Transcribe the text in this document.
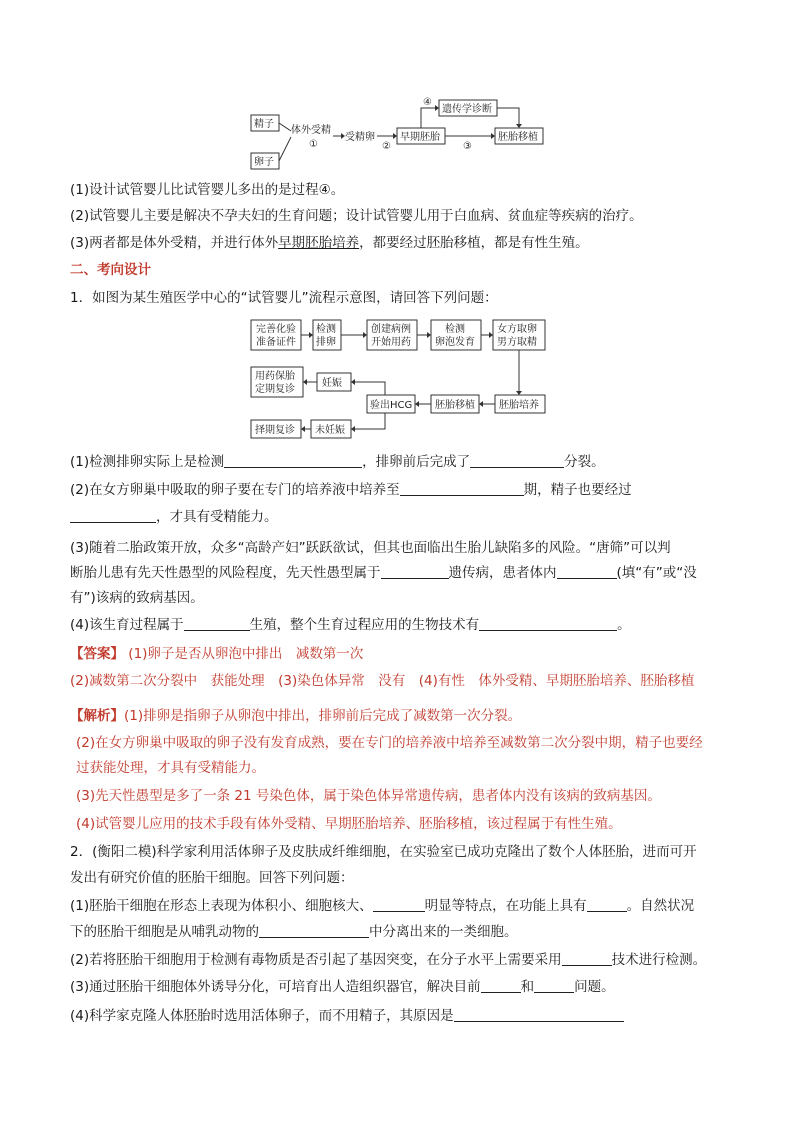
精子
卵子
体外受精
①
受精卵
②
早期胚胎
③
胚胎移植
④
遗传学诊断
(1)设计试管婴儿比试管婴儿多出的是过程④。
(2)试管婴儿主要是解决不孕夫妇的生育问题；设计试管婴儿用于白血病、贫血症等疾病的治疗。
(3)两者都是体外受精，并进行体外早期胚胎培养，都要经过胚胎移植，都是有性生殖。
二、考向设计
1．如图为某生殖医学中心的“试管婴儿”流程示意图，请回答下列问题：
完善化验
准备证件
检测
排卵
创建病例
开始用药
检测
卵泡发育
女方取卵
男方取精
胚胎培养
胚胎移植
验出HCG
妊娠
用药保胎
定期复诊
未妊娠
择期复诊
(1)检测排卵实际上是检测	，排卵前后完成了	分裂。
(2)在女方卵巢中吸取的卵子要在专门的培养液中培养至	期，精子也要经过
，才具有受精能力。
(3)随着二胎政策开放，众多“高龄产妇”跃跃欲试，但其也面临出生胎儿缺陷多的风险。“唐筛”可以判
断胎儿患有先天性愚型的风险程度，先天性愚型属于	遗传病，患者体内	(填“有”或“没
有”)该病的致病基因。
(4)该生育过程属于	生殖，整个生育过程应用的生物技术有	。
【答案】 (1)卵子是否从卵泡中排出　减数第一次
(2)减数第二次分裂中　获能处理　(3)染色体异常　没有　(4)有性　体外受精、早期胚胎培养、胚胎移植
【解析】(1)排卵是指卵子从卵泡中排出，排卵前后完成了减数第一次分裂。
(2)在女方卵巢中吸取的卵子没有发育成熟，要在专门的培养液中培养至减数第二次分裂中期，精子也要经
过获能处理，才具有受精能力。
(3)先天性愚型是多了一条 21 号染色体，属于染色体异常遗传病，患者体内没有该病的致病基因。
(4)试管婴儿应用的技术手段有体外受精、早期胚胎培养、胚胎移植，该过程属于有性生殖。
2．(衡阳二模)科学家利用活体卵子及皮肤成纤维细胞，在实验室已成功克隆出了数个人体胚胎，进而可开
发出有研究价值的胚胎干细胞。回答下列问题：
(1)胚胎干细胞在形态上表现为体积小、细胞核大、	明显等特点，在功能上具有	。自然状况
下的胚胎干细胞是从哺乳动物的	中分离出来的一类细胞。
(2)若将胚胎干细胞用于检测有毒物质是否引起了基因突变，在分子水平上需要采用	技术进行检测。
(3)通过胚胎干细胞体外诱导分化，可培育出人造组织器官，解决目前	和	问题。
(4)科学家克隆人体胚胎时选用活体卵子，而不用精子，其原因是
